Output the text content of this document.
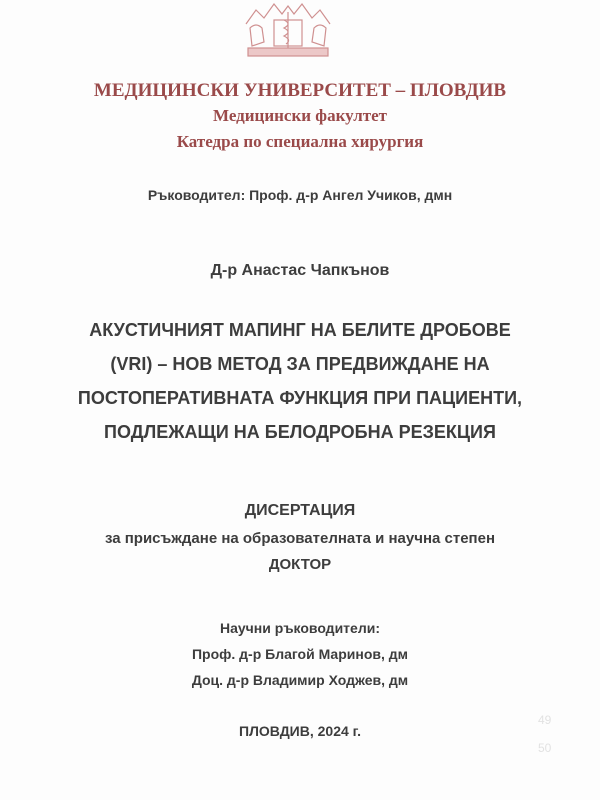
МЕДИЦИНСКИ УНИВЕРСИТЕТ – ПЛОВДИВ
Медицински факултет
Катедра по специална хирургия
Ръководител: Проф. д-р Ангел Учиков, дмн
Д-р Анастас Чапкънов
АКУСТИЧНИЯТ МАПИНГ НА БЕЛИТЕ ДРОБОВЕ
(VRI) – НОВ МЕТОД ЗА ПРЕДВИЖДАНЕ НА
ПОСТОПЕРАТИВНАТА ФУНКЦИЯ ПРИ ПАЦИЕНТИ,
ПОДЛЕЖАЩИ НА БЕЛОДРОБНА РЕЗЕКЦИЯ
ДИСЕРТАЦИЯ
за присъждане на образователната и научна степен
ДОКТОР
Научни ръководители:
Проф. д-р Благой Маринов, дм
Доц. д-р Владимир Ходжев, дм
49
50
ПЛОВДИВ, 2024 г.
